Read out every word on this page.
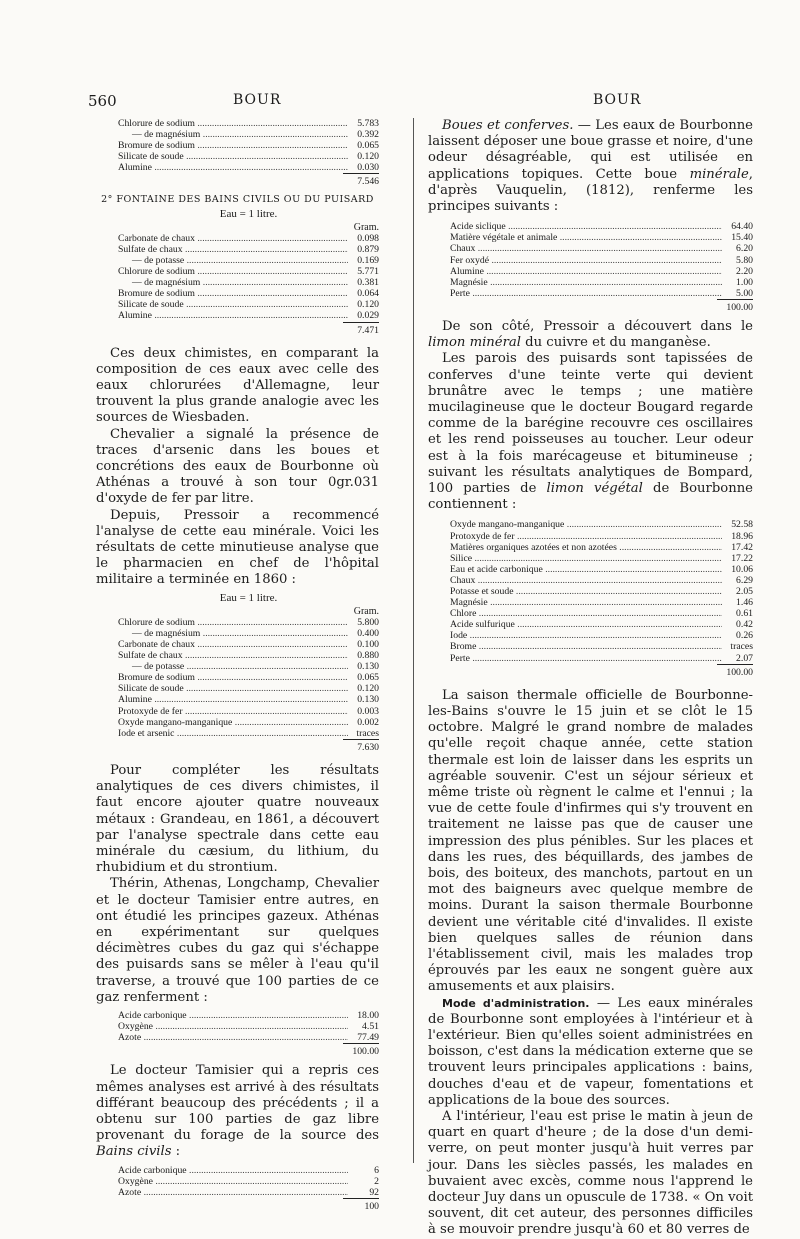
560	BOUR	BOUR
Chlorure de sodium .....	5.783
— de magnésium .....	0.392
Bromure de sodium .....	0.065
Silicate de soude .....	0.120
Alumine .....	0.030
7.546
2° FONTAINE DES BAINS CIVILS OU DU PUISARD
Eau = 1 litre.
Gram.
Carbonate de chaux .....	0.098
Sulfate de chaux .....	0.879
— de potasse .....	0.169
Chlorure de sodium .....	5.771
— de magnésium .....	0.381
Bromure de sodium .....	0.064
Silicate de soude .....	0.120
Alumine .....	0.029
7.471

Ces deux chimistes, en comparant la composition de ces eaux avec celle des eaux chlorurées d'Allemagne, leur trouvent la plus grande analogie avec les sources de Wiesbaden.

Chevalier a signalé la présence de traces d'arsenic dans les boues et concrétions des eaux de Bourbonne où Athénas a trouvé à son tour 0gr.031 d'oxyde de fer par litre.

Depuis, Pressoir a recommencé l'analyse de cette eau minérale. Voici les résultats de cette minutieuse analyse que le pharmacien en chef de l'hôpital militaire a terminée en 1860 :

Eau = 1 litre.
Gram.
Chlorure de sodium .....	5.800
— de magnésium .....	0.400
Carbonate de chaux .....	0.100
Sulfate de chaux .....	0.880
— de potasse .....	0.130
Bromure de sodium .....	0.065
Silicate de soude .....	0.120
Alumine .....	0.130
Protoxyde de fer .....	0.003
Oxyde mangano-manganique .....	0.002
Iode et arsenic .....	traces
7.630

Pour compléter les résultats analytiques de ces divers chimistes, il faut encore ajouter quatre nouveaux métaux : Grandeau, en 1861, a découvert par l'analyse spectrale dans cette eau minérale du cæsium, du lithium, du rhubidium et du strontium.

Thérin, Athenas, Longchamp, Chevalier et le docteur Tamisier entre autres, en ont étudié les principes gazeux. Athénas en expérimentant sur quelques décimètres cubes du gaz qui s'échappe des puisards sans se mêler à l'eau qu'il traverse, a trouvé que 100 parties de ce gaz renferment :

Acide carbonique .....	18.00
Oxygène .....	4.51
Azote .....	77.49
100.00

Le docteur Tamisier qui a repris ces mêmes analyses est arrivé à des résultats différant beaucoup des précédents ; il a obtenu sur 100 parties de gaz libre provenant du forage de la source des Bains civils :

Acide carbonique .....	6
Oxygène .....	2
Azote .....	92
100

Boues et conferves. — Les eaux de Bourbonne laissent déposer une boue grasse et noire, d'une odeur désagréable, qui est utilisée en applications topiques. Cette boue minérale, d'après Vauquelin, (1812), renferme les principes suivants :

Acide siclique .....	64.40
Matière végétale et animale .....	15.40
Chaux .....	6.20
Fer oxydé .....	5.80
Alumine .....	2.20
Magnésie .....	1.00
Perte .....	5.00
100.00

De son côté, Pressoir a découvert dans le limon minéral du cuivre et du manganèse.

Les parois des puisards sont tapissées de conferves d'une teinte verte qui devient brunâtre avec le temps ; une matière mucilagineuse que le docteur Bougard regarde comme de la barégine recouvre ces oscillaires et les rend poisseuses au toucher. Leur odeur est à la fois marécageuse et bitumineuse ; suivant les résultats analytiques de Bompard, 100 parties de limon végétal de Bourbonne contiennent :

Oxyde mangano-manganique .....	52.58
Protoxyde de fer .....	18.96
Matières organiques azotées et non azotées .....	17.42
Silice .....	17.22
Eau et acide carbonique .....	10.06
Chaux .....	6.29
Potasse et soude .....	2.05
Magnésie .....	1.46
Chlore .....	0.61
Acide sulfurique .....	0.42
Iode .....	0.26
Brome .....	traces
Perte .....	2.07
100.00

La saison thermale officielle de Bourbonne-les-Bains s'ouvre le 15 juin et se clôt le 15 octobre. Malgré le grand nombre de malades qu'elle reçoit chaque année, cette station thermale est loin de laisser dans les esprits un agréable souvenir. C'est un séjour sérieux et même triste où règnent le calme et l'ennui ; la vue de cette foule d'infirmes qui s'y trouvent en traitement ne laisse pas que de causer une impression des plus pénibles. Sur les places et dans les rues, des béquillards, des jambes de bois, des boiteux, des manchots, partout en un mot des baigneurs avec quelque membre de moins. Durant la saison thermale Bourbonne devient une véritable cité d'invalides. Il existe bien quelques salles de réunion dans l'établissement civil, mais les malades trop éprouvés par les eaux ne songent guère aux amusements et aux plaisirs.

Mode d'administration. — Les eaux minérales de Bourbonne sont employées à l'intérieur et à l'extérieur. Bien qu'elles soient administrées en boisson, c'est dans la médication externe que se trouvent leurs principales applications : bains, douches d'eau et de vapeur, fomentations et applications de la boue des sources.

A l'intérieur, l'eau est prise le matin à jeun de quart en quart d'heure ; de la dose d'un demi-verre, on peut monter jusqu'à huit verres par jour. Dans les siècles passés, les malades en buvaient avec excès, comme nous l'apprend le docteur Juy dans un opuscule de 1738. « On voit souvent, dit cet auteur, des personnes difficiles à se mouvoir prendre jusqu'à 60 et 80 verres de
